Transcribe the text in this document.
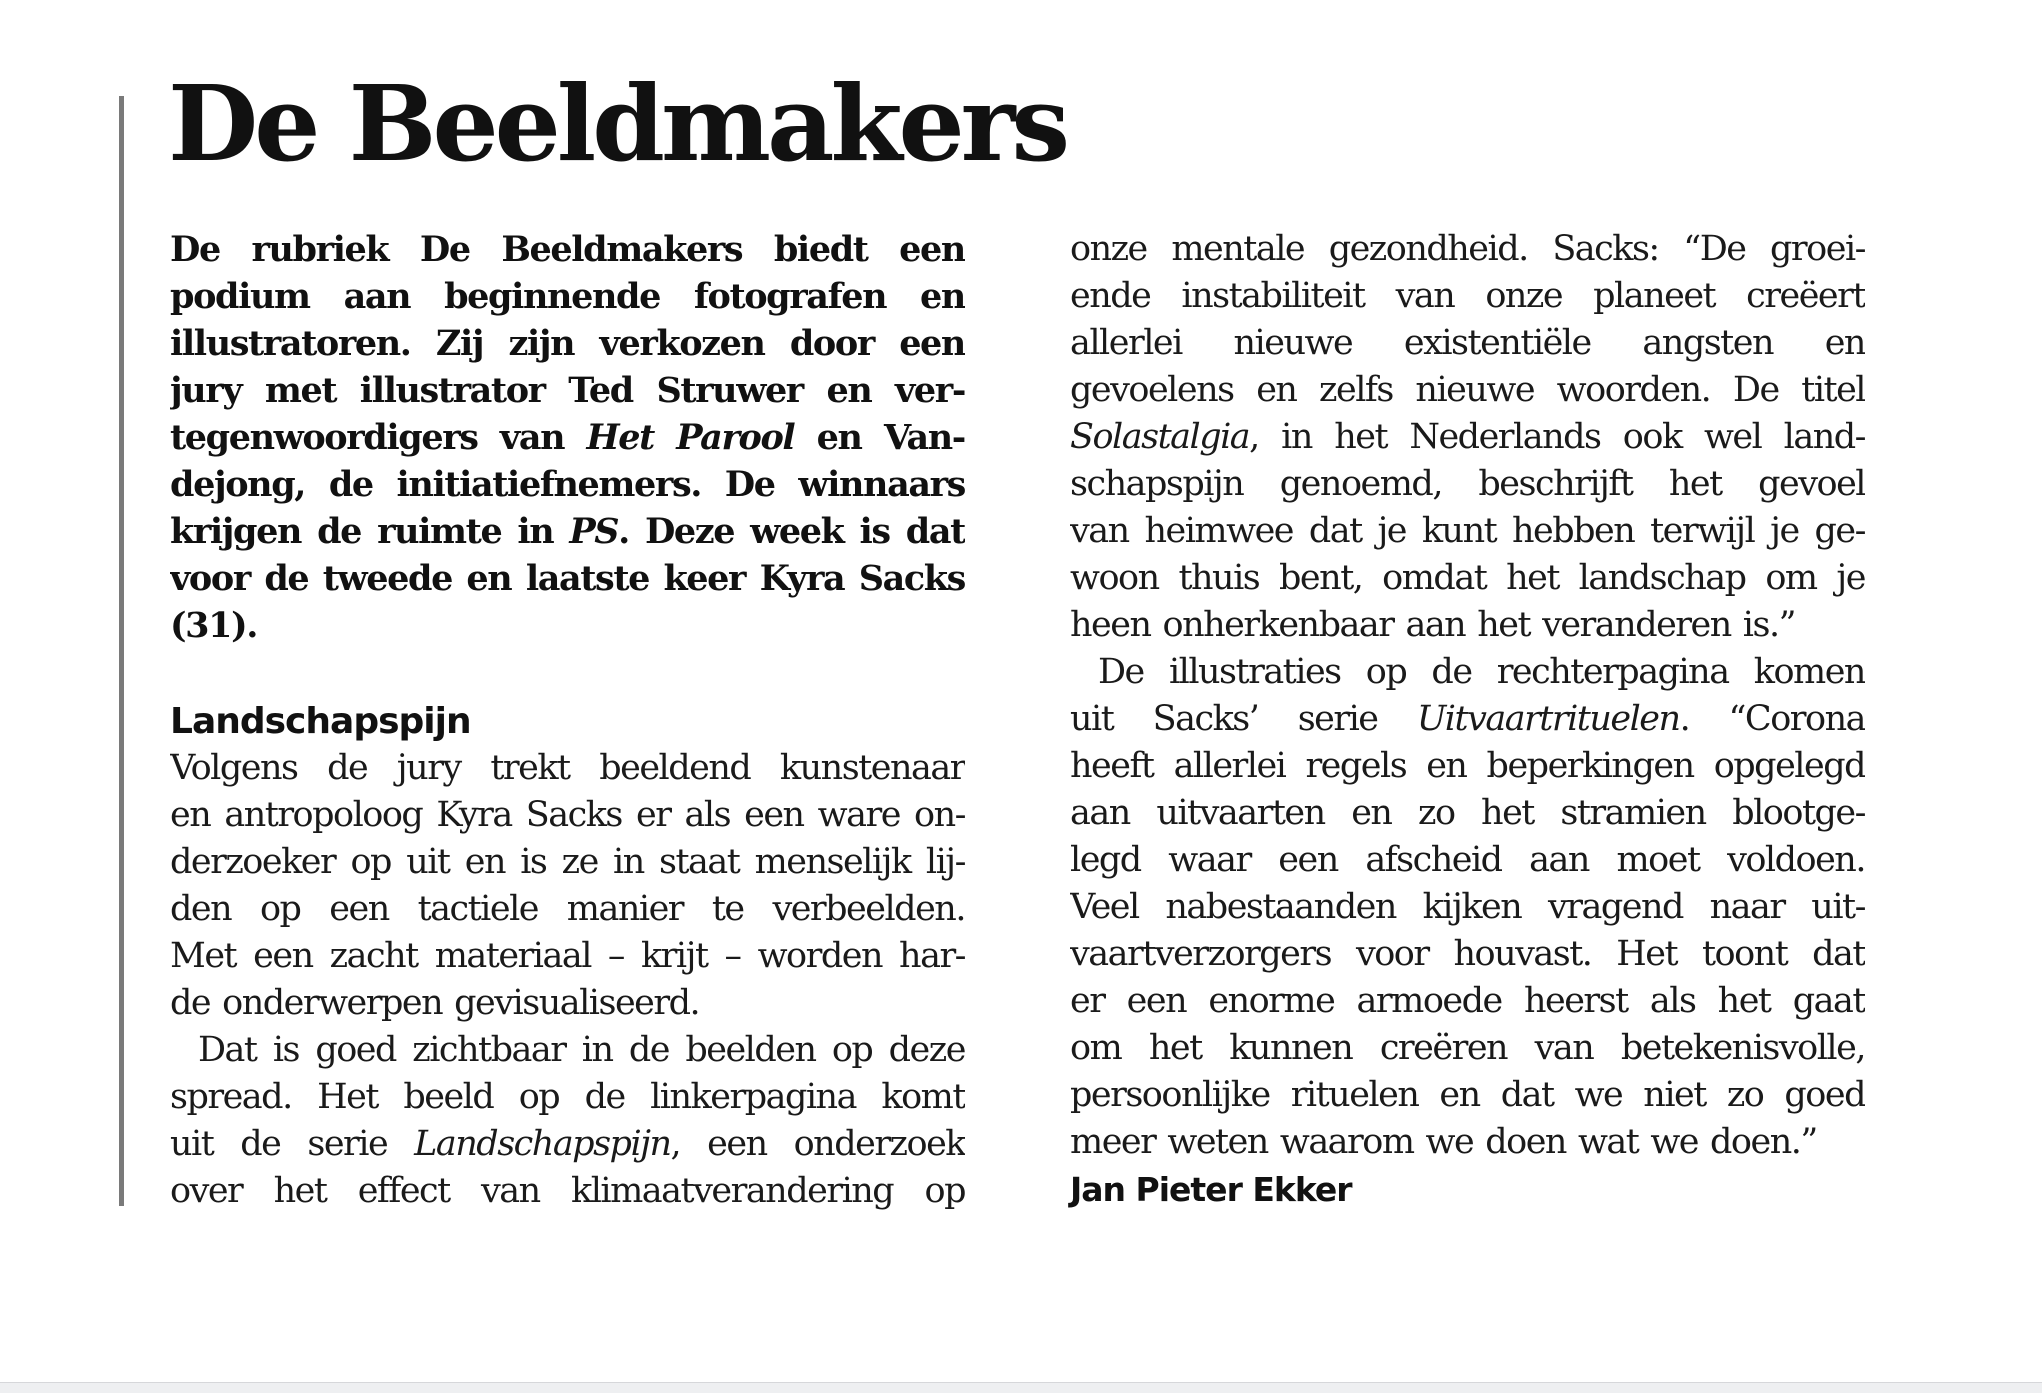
De Beeldmakers
De rubriek De Beeldmakers biedt een
podium aan beginnende fotografen en
illustratoren. Zij zijn verkozen door een
jury met illustrator Ted Struwer en ver-
tegenwoordigers van Het Parool en Van-
dejong, de initiatiefnemers. De winnaars
krijgen de ruimte in PS. Deze week is dat
voor de tweede en laatste keer Kyra Sacks
(31).
Landschapspijn
Volgens de jury trekt beeldend kunstenaar
en antropoloog Kyra Sacks er als een ware on-
derzoeker op uit en is ze in staat menselijk lij-
den op een tactiele manier te verbeelden.
Met een zacht materiaal – krijt – worden har-
de onderwerpen gevisualiseerd.
Dat is goed zichtbaar in de beelden op deze
spread. Het beeld op de linkerpagina komt
uit de serie Landschapspijn, een onderzoek
over het effect van klimaatverandering op
onze mentale gezondheid. Sacks: “De groei-
ende instabiliteit van onze planeet creëert
allerlei nieuwe existentiële angsten en
gevoelens en zelfs nieuwe woorden. De titel
Solastalgia, in het Nederlands ook wel land-
schapspijn genoemd, beschrijft het gevoel
van heimwee dat je kunt hebben terwijl je ge-
woon thuis bent, omdat het landschap om je
heen onherkenbaar aan het veranderen is.”
De illustraties op de rechterpagina komen
uit Sacks’ serie Uitvaartrituelen. “Corona
heeft allerlei regels en beperkingen opgelegd
aan uitvaarten en zo het stramien blootge-
legd waar een afscheid aan moet voldoen.
Veel nabestaanden kijken vragend naar uit-
vaartverzorgers voor houvast. Het toont dat
er een enorme armoede heerst als het gaat
om het kunnen creëren van betekenisvolle,
persoonlijke rituelen en dat we niet zo goed
meer weten waarom we doen wat we doen.”
Jan Pieter Ekker
